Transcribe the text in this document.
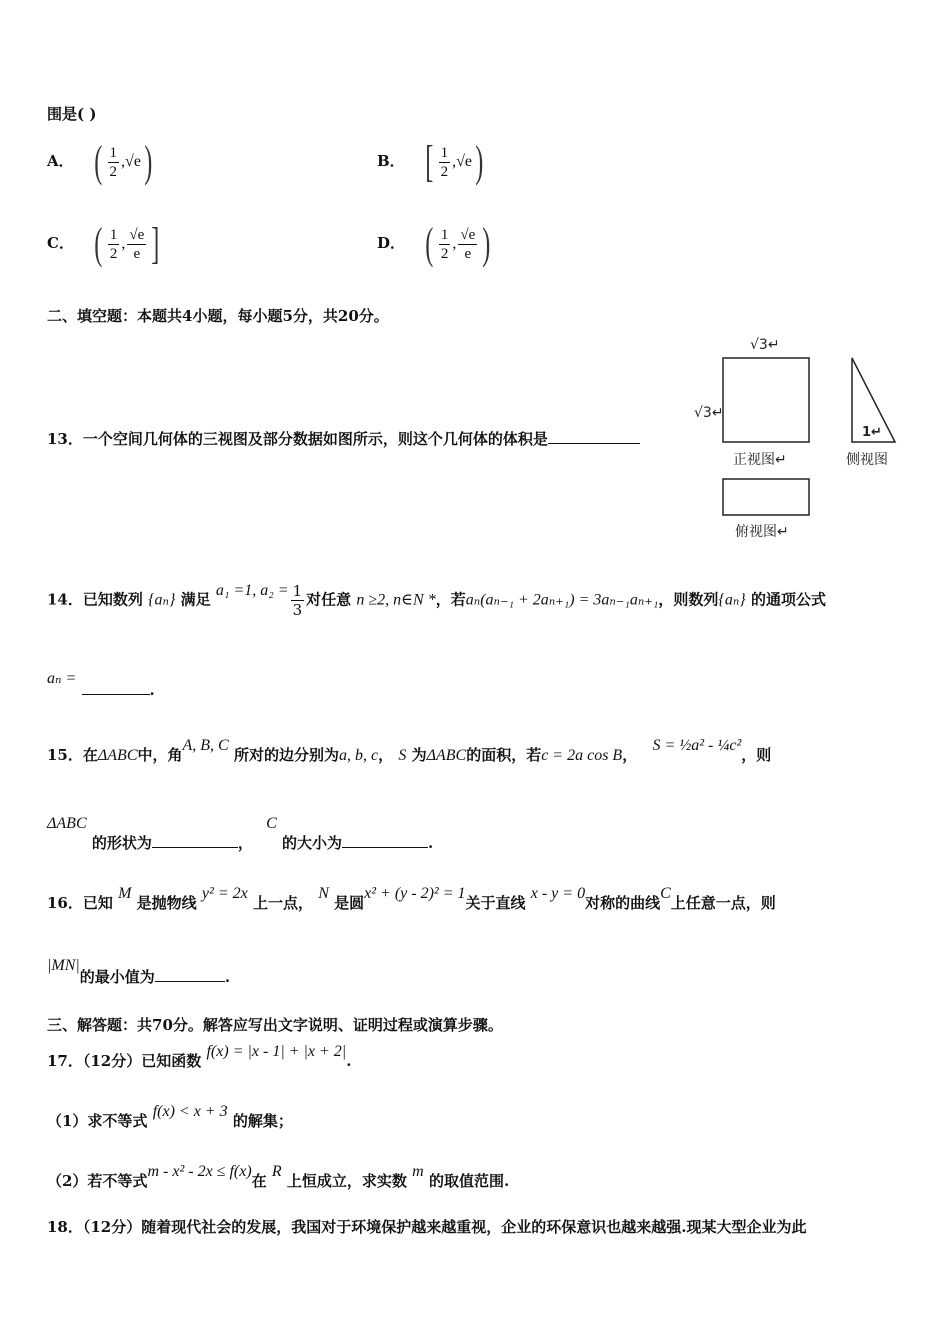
围是( )
A． ( $\frac{1}{2} ,√e$ )	B． [ $\frac{1}{2} ,√e$ )
C． ( $\frac{1}{2}$ , $\frac{√e}{e}$ ]	D． ( $\frac{1}{2}$ , $\frac{√e}{e}$ )
二、填空题：本题共4小题，每小题5分，共20分。
13．一个空间几何体的三视图及部分数据如图所示，则这个几何体的体积是
√3↵
√3↵
1↵
正视图↵	侧视图
俯视图↵
14．已知数列 {aₙ} 满足 a₁ =1, $a_2 = \frac{1}{3}$ 对任意 n ≥2, n∈N *，若aₙ(aₙ₋₁ + 2aₙ₊₁) = 3aₙ₋₁aₙ₊₁，则数列{aₙ} 的通项公式
aₙ = .
15．在ΔABC中，角A, B, C 所对的边分别为a, b, c， S 为ΔABC的面积，若c = 2a cos B， S = ½a² - ¼c²，则
ΔABC 的形状为	， C 的大小为	.
16．已知 M 是抛物线 y² = 2x 上一点， N 是圆x² + (y - 2)² = 1关于直线 x - y = 0对称的曲线C上任意一点，则
|MN|的最小值为	.
三、解答题：共70分。解答应写出文字说明、证明过程或演算步骤。
17．（12分）已知函数 f(x) = |x - 1| + |x + 2|.
（1）求不等式 f(x) < x + 3 的解集；
（2）若不等式m - x² - 2x ≤ f(x)在 R 上恒成立，求实数 m 的取值范围.
18．（12分）随着现代社会的发展，我国对于环境保护越来越重视，企业的环保意识也越来越强.现某大型企业为此
